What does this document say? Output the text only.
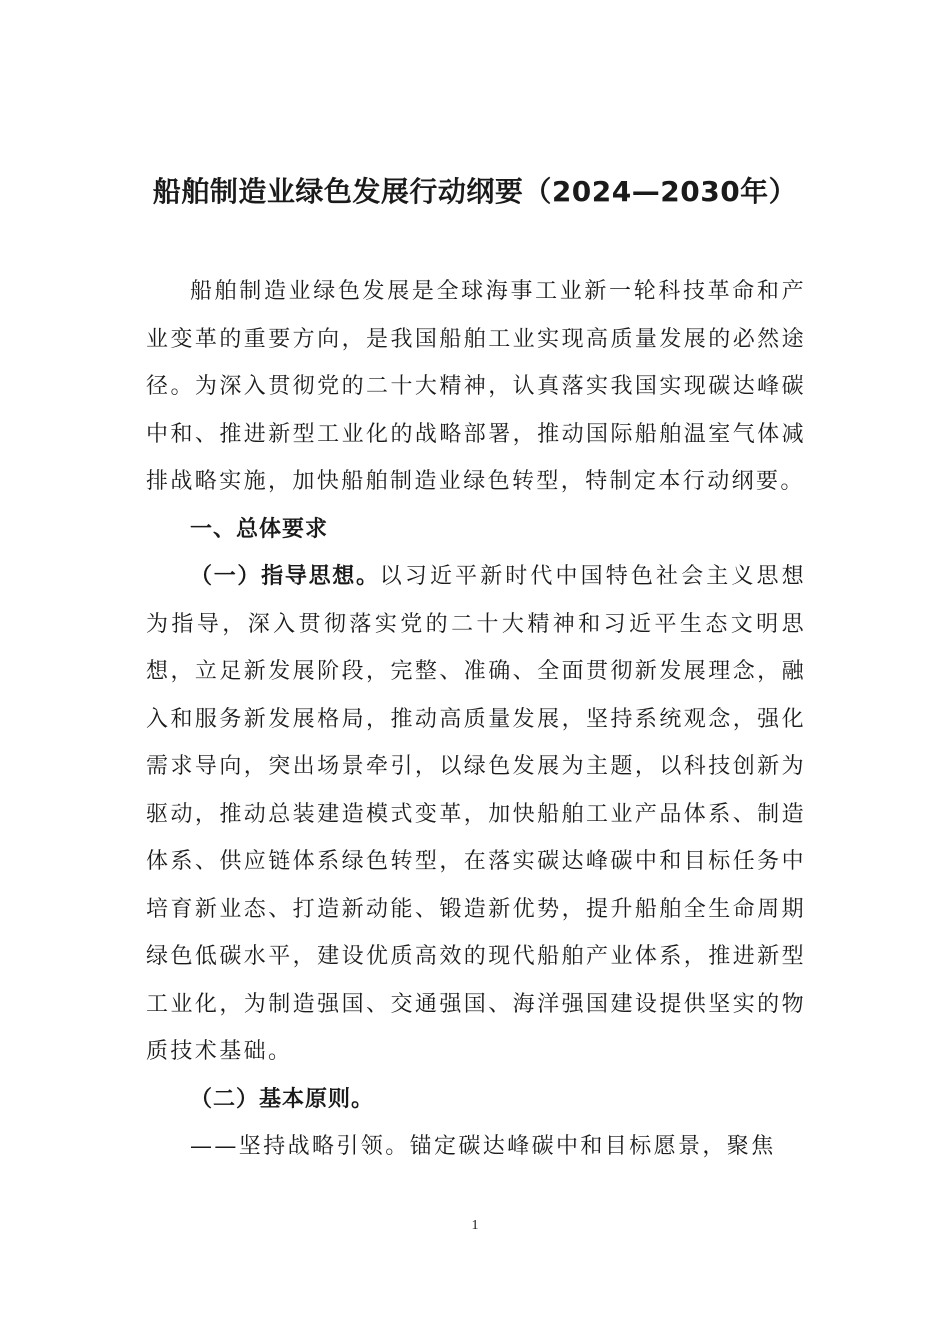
船舶制造业绿色发展行动纲要（2024—2030年）

船舶制造业绿色发展是全球海事工业新一轮科技革命和产业变革的重要方向，是我国船舶工业实现高质量发展的必然途径。为深入贯彻党的二十大精神，认真落实我国实现碳达峰碳中和、推进新型工业化的战略部署，推动国际船舶温室气体减排战略实施，加快船舶制造业绿色转型，特制定本行动纲要。

一、总体要求

（一）指导思想。以习近平新时代中国特色社会主义思想为指导，深入贯彻落实党的二十大精神和习近平生态文明思想，立足新发展阶段，完整、准确、全面贯彻新发展理念，融入和服务新发展格局，推动高质量发展，坚持系统观念，强化需求导向，突出场景牵引，以绿色发展为主题，以科技创新为驱动，推动总装建造模式变革，加快船舶工业产品体系、制造体系、供应链体系绿色转型，在落实碳达峰碳中和目标任务中培育新业态、打造新动能、锻造新优势，提升船舶全生命周期绿色低碳水平，建设优质高效的现代船舶产业体系，推进新型工业化，为制造强国、交通强国、海洋强国建设提供坚实的物质技术基础。

（二）基本原则。

——坚持战略引领。锚定碳达峰碳中和目标愿景，聚焦

1
